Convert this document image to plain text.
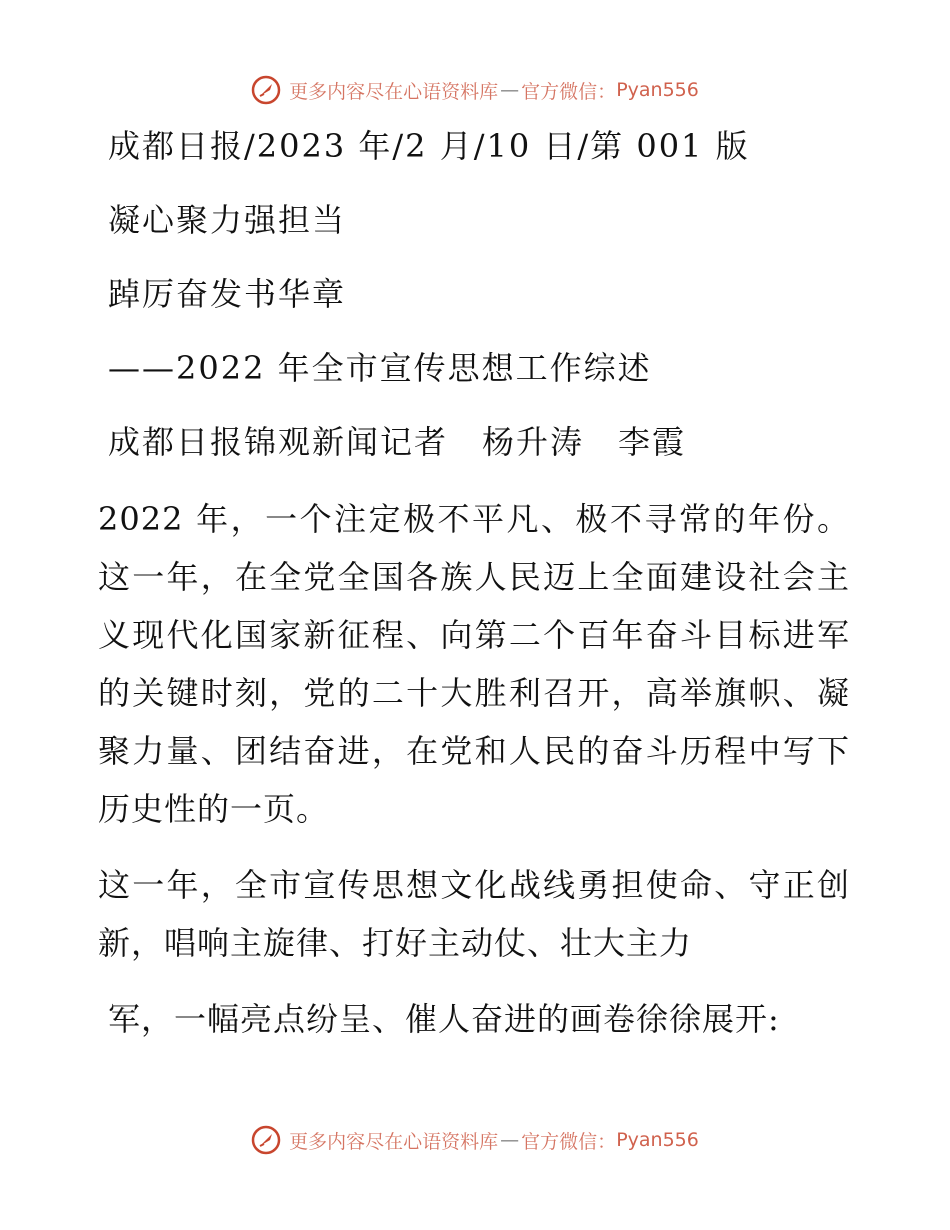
更多内容尽在心语资料库 — 官方微信： Pyan556
成都日报/2023 年/2 月/10 日/第 001 版
凝心聚力强担当
踔厉奋发书华章
——2022 年全市宣传思想工作综述
成都日报锦观新闻记者　杨升涛　李霞
2022 年，一个注定极不平凡、极不寻常的年份。这一年，在全党全国各族人民迈上全面建设社会主义现代化国家新征程、向第二个百年奋斗目标进军的关键时刻，党的二十大胜利召开，高举旗帜、凝聚力量、团结奋进，在党和人民的奋斗历程中写下历史性的一页。
这一年，全市宣传思想文化战线勇担使命、守正创新，唱响主旋律、打好主动仗、壮大主力
军，一幅亮点纷呈、催人奋进的画卷徐徐展开:
更多内容尽在心语资料库 — 官方微信： Pyan556
